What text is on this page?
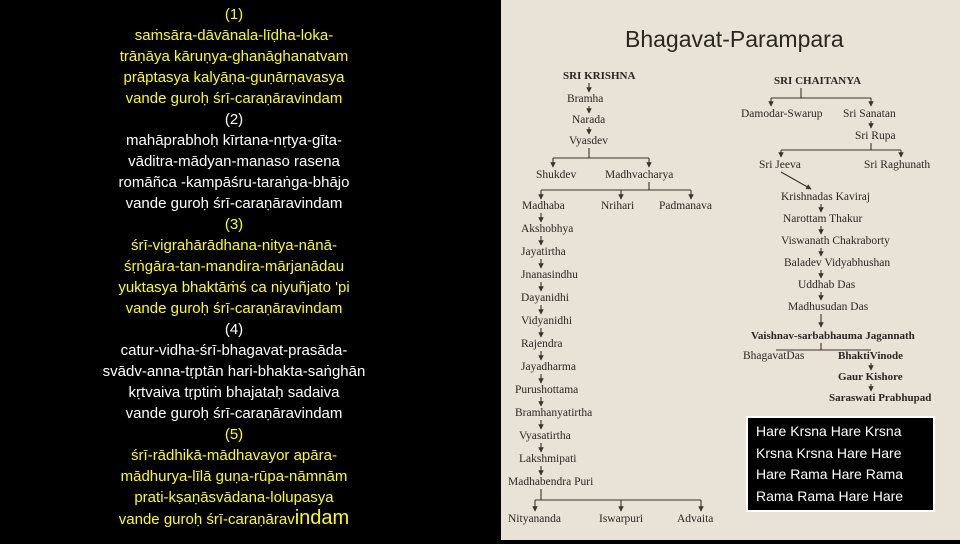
(1)
saṁsāra-dāvānala-līḍha-loka-
trāṇāya kāruṇya-ghanāghanatvam
prāptasya kalyāṇa-guṇārṇavasya
vande guroḥ śrī-caraṇāravindam
(2)
mahāprabhoḥ kīrtana-nṛtya-gīta-
vāditra-mādyan-manaso rasena
romāñca -kampāśru-taraṅga-bhājo
vande guroḥ śrī-caraṇāravindam
(3)
śrī-vigrahārādhana-nitya-nānā-
śṛṅgāra-tan-mandira-mārjanādau
yuktasya bhaktāṁś ca niyuñjato 'pi
vande guroḥ śrī-caraṇāravindam
(4)
catur-vidha-śrī-bhagavat-prasāda-
svādv-anna-tṛptān hari-bhakta-saṅghān
kṛtvaiva tṛptiṁ bhajataḥ sadaiva
vande guroḥ śrī-caraṇāravindam
(5)
śrī-rādhikā-mādhavayor apāra-
mādhurya-līlā guṇa-rūpa-nāmnām
prati-kṣaṇāsvādana-lolupasya
vande guroḥ śrī-caraṇāravindam
Bhagavat-Parampara
SRI KRISHNA	SRI CHAITANYA
Bramha
Narada
Vyasdev
Shukdev	Madhvacharya
Madhaba	Nrihari Padmanava
Akshobhya
Jayatirtha
Jnanasindhu
Dayanidhi
Vidyanidhi
Rajendra
Jayadharma
Purushottama
Bramhanyatirtha
Vyasatirtha
Lakshmipati
Madhabendra Puri
Nityananda	Iswarpuri	Advaita
Damodar-Swarup Sri Sanatan
Sri Rupa
Sri Jeeva	Sri Raghunath
Krishnadas Kaviraj
Narottam Thakur
Viswanath Chakraborty
Baladev Vidyabhushan
Uddhab Das
Madhusudan Das
Vaishnav-sarbabhauma Jagannath
BhagavatDas	BhaktiVinode
Gaur Kishore
Saraswati Prabhupad
Hare Krsna Hare Krsna
Krsna Krsna Hare Hare
Hare Rama Hare Rama
Rama Rama Hare Hare
